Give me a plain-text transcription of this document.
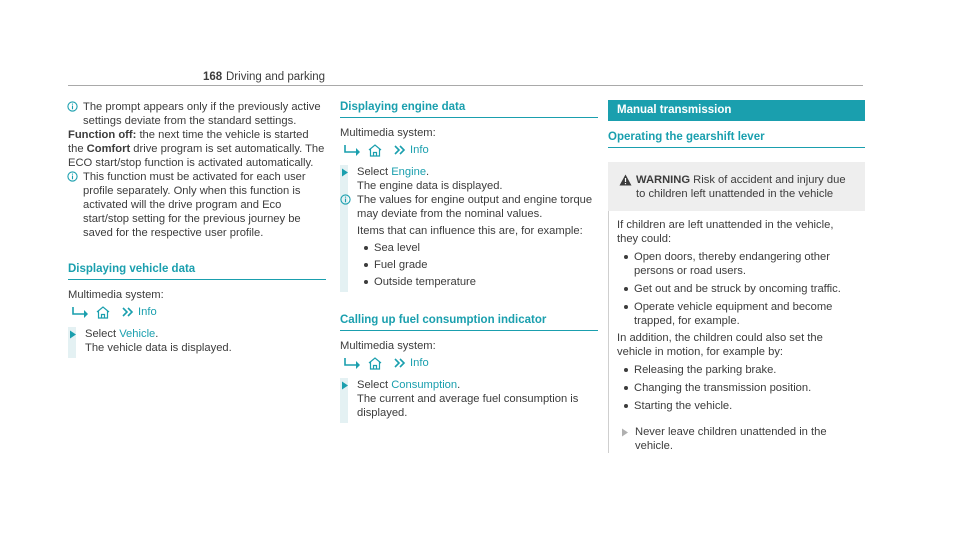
168 Driving and parking

The prompt appears only if the previously active settings deviate from the standard settings.

Function off: the next time the vehicle is started the Comfort drive program is set automatically. The ECO start/stop function is activated automatically.

This function must be activated for each user profile separately. Only when this function is activated will the drive program and Eco start/stop setting for the previous journey be saved for the respective user profile.

Displaying vehicle data

Multimedia system:

Info

Select Vehicle.

The vehicle data is displayed.

Displaying engine data

Multimedia system:

Info

Select Engine.

The engine data is displayed.

The values for engine output and engine torque may deviate from the nominal values.

Items that can influence this are, for example:

Sea level
Fuel grade
Outside temperature
Calling up fuel consumption indicator

Multimedia system:

Info

Select Consumption.

The current and average fuel consumption is displayed.

Manual transmission
Operating the gearshift lever

WARNING Risk of accident and injury due to children left unattended in the vehicle

If children are left unattended in the vehicle, they could:

Open doors, thereby endangering other persons or road users.
Get out and be struck by oncoming traffic.
Operate vehicle equipment and become trapped, for example.

In addition, the children could also set the vehicle in motion, for example by:

Releasing the parking brake.
Changing the transmission position.
Starting the vehicle.

Never leave children unattended in the vehicle.
